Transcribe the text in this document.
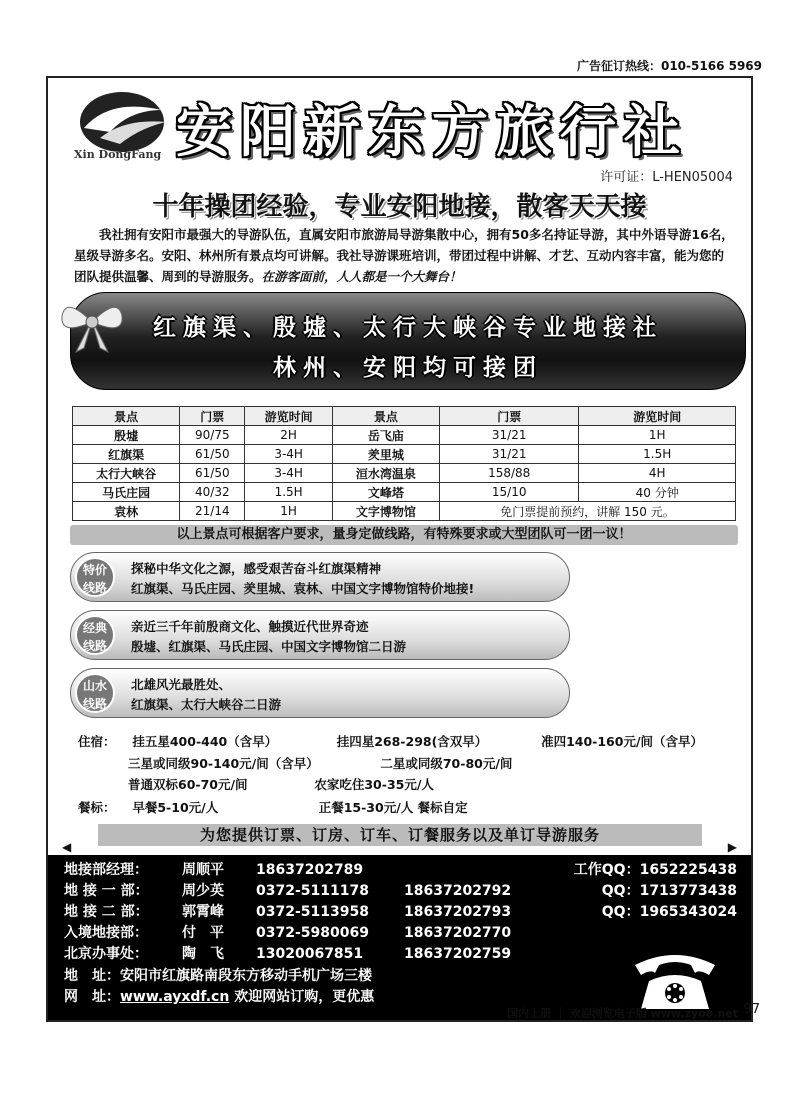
广告征订热线：010-5166 5969
Xin DongFang 安阳新东方旅行社
许可证：L-HEN05004
十年操团经验，专业安阳地接，散客天天接
我社拥有安阳市最强大的导游队伍，直属安阳市旅游局导游集散中心，拥有50多名持证导游，其中外语导游16名，星级导游多名。安阳、林州所有景点均可讲解。我社导游课班培训，带团过程中讲解、才艺、互动内容丰富，能为您的团队提供温馨、周到的导游服务。在游客面前，人人都是一个大舞台！
红旗渠、殷墟、太行大峡谷专业地接社
林州、安阳均可接团
景点	门票	游览时间	景点	门票	游览时间
殷墟	90/75	2H	岳飞庙	31/21	1H
红旗渠	61/50	3-4H	羑里城	31/21	1.5H
太行大峡谷	61/50	3-4H	洹水湾温泉	158/88	4H
马氏庄园	40/32	1.5H	文峰塔	15/10	40 分钟
袁林	21/14	1H	文字博物馆	免门票提前预约，讲解 150 元。	
以上景点可根据客户要求，量身定做线路，有特殊要求或大型团队可一团一议！
特价
线路
探秘中华文化之源，感受艰苦奋斗红旗渠精神
红旗渠、马氏庄园、羑里城、袁林、中国文字博物馆特价地接!
经典
线路
亲近三千年前殷商文化、触摸近代世界奇迹
殷墟、红旗渠、马氏庄园、中国文字博物馆二日游
山水
线路
北雄风光最胜处、
红旗渠、太行大峡谷二日游
住宿： 挂五星400-440（含早）	挂四星268-298(含双早）	准四140-160元/间（含早）
三星或同级90-140元/间（含早）	二星或同级70-80元/间
普通双标60-70元/间	农家吃住30-35元/人
餐标： 早餐5-10元/人	正餐15-30元/人 餐标自定
◀
为您提供订票、订房、订车、订餐服务以及单订导游服务
▶
地接部经理： 周顺平 18637202789
地 接 一 部： 周少英 0372-5111178	18637202792
地 接 二 部： 郭霄峰 0372-5113958	18637202793
入境地接部： 付　平 0372-5980069	18637202770
北京办事处： 陶　飞 13020067851	18637202759
地　址：安阳市红旗路南段东方移动手机广场三楼
网　址：www.ayxdf.cn 欢迎网站订购，更优惠
工作QQ：1652225438
QQ：1713773438
QQ：1965343024
国内上册 ｜ 欢迎浏览电子版 www.zyoo.net 97
